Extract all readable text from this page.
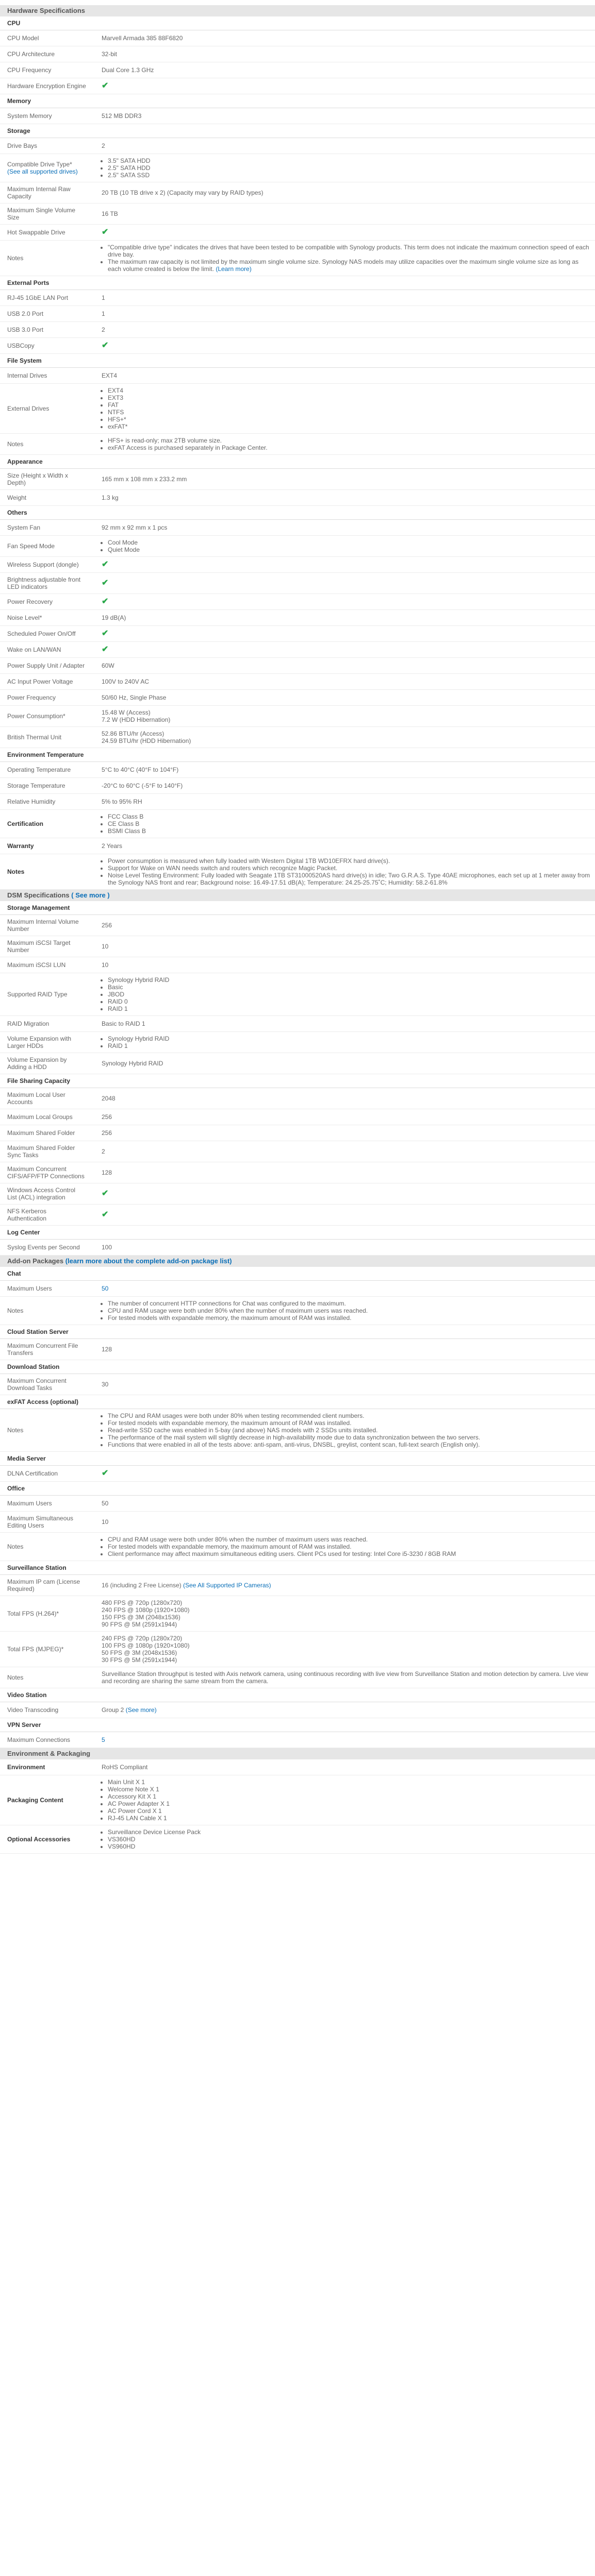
Hardware Specifications
CPU
CPU Model	Marvell Armada 385 88F6820
CPU Architecture	32-bit
CPU Frequency	Dual Core 1.3 GHz
Hardware Encryption Engine ✔
Memory
System Memory	512 MB DDR3
Storage
Drive Bays	2
Compatible Drive Type* (See all supported drives)
• 3.5" SATA HDD
• 2.5" SATA HDD
• 2.5" SATA SSD
Maximum Internal Raw Capacity	20 TB (10 TB drive x 2) (Capacity may vary by RAID types)
Maximum Single Volume Size	16 TB
Hot Swappable Drive	✔
Notes
• "Compatible drive type" indicates the drives that have been tested to be compatible with Synology products. This term does not indicate the maximum connection speed of each drive bay.
• The maximum raw capacity is not limited by the maximum single volume size. Synology NAS models may utilize capacities over the maximum single volume size as long as each volume created is below the limit. (Learn more)
External Ports
RJ-45 1GbE LAN Port	1
USB 2.0 Port	1
USB 3.0 Port	2
USBCopy	✔
File System
Internal Drives	EXT4
External Drives
• EXT4
• EXT3
• FAT
• NTFS
• HFS+*
• exFAT*
Notes	• HFS+ is read-only; max 2TB volume size.
• exFAT Access is purchased separately in Package Center.
Appearance
Size (Height x Width x Depth)	165 mm x 108 mm x 233.2 mm
Weight	1.3 kg
Others
System Fan	92 mm x 92 mm x 1 pcs
Fan Speed Mode	• Cool Mode
• Quiet Mode
Wireless Support (dongle)	✔
Brightness adjustable front LED indicators	✔
Power Recovery	✔
Noise Level*	19 dB(A)
Scheduled Power On/Off	✔
Wake on LAN/WAN	✔
Power Supply Unit / Adapter	60W
AC Input Power Voltage	100V to 240V AC
Power Frequency	50/60 Hz, Single Phase
Power Consumption*	15.48 W (Access)
7.2 W (HDD Hibernation)
British Thermal Unit	52.86 BTU/hr (Access)
24.59 BTU/hr (HDD Hibernation)
Environment Temperature
Operating Temperature	5°C to 40°C (40°F to 104°F)
Storage Temperature	-20°C to 60°C (-5°F to 140°F)
Relative Humidity	5% to 95% RH
Certification
• FCC Class B
• CE Class B
• BSMI Class B
Warranty	2 Years
Notes
• Power consumption is measured when fully loaded with Western Digital 1TB WD10EFRX hard drive(s).
• Support for Wake on WAN needs switch and routers which recognize Magic Packet.
• Noise Level Testing Environment: Fully loaded with Seagate 1TB ST31000520AS hard drive(s) in idle; Two G.R.A.S. Type 40AE microphones, each set up at 1 meter away from the Synology NAS front and rear; Background noise: 16.49-17.51 dB(A); Temperature: 24.25-25.75˚C; Humidity: 58.2-61.8%
DSM Specifications ( See more )
Storage Management
Maximum Internal Volume Number	256
Maximum iSCSI Target Number	10
Maximum iSCSI LUN	10
Supported RAID Type
• Synology Hybrid RAID
• Basic
• JBOD
• RAID 0
• RAID 1
RAID Migration	Basic to RAID 1
Volume Expansion with Larger HDDs
• Synology Hybrid RAID
• RAID 1
Volume Expansion by Adding a HDD	Synology Hybrid RAID
File Sharing Capacity
Maximum Local User Accounts	2048
Maximum Local Groups	256
Maximum Shared Folder	256
Maximum Shared Folder Sync Tasks	2
Maximum Concurrent CIFS/AFP/FTP Connections	128
Windows Access Control List (ACL) integration	✔
NFS Kerberos Authentication	✔
Log Center
Syslog Events per Second	100
Add-on Packages (learn more about the complete add-on package list)
Chat
Maximum Users	50
Notes
• The number of concurrent HTTP connections for Chat was configured to the maximum.
• CPU and RAM usage were both under 80% when the number of maximum users was reached.
• For tested models with expandable memory, the maximum amount of RAM was installed.
Cloud Station Server
Maximum Concurrent File Transfers	128
Download Station
Maximum Concurrent Download Tasks	30
exFAT Access (optional)
Notes
• The CPU and RAM usages were both under 80% when testing recommended client numbers.
• For tested models with expandable memory, the maximum amount of RAM was installed.
• Read-write SSD cache was enabled in 5-bay (and above) NAS models with 2 SSDs units installed.
• The performance of the mail system will slightly decrease in high-availability mode due to data synchronization between the two servers.
• Functions that were enabled in all of the tests above: anti-spam, anti-virus, DNSBL, greylist, content scan, full-text search (English only).
Media Server
DLNA Certification	✔
Office
Maximum Users	50
Maximum Simultaneous Editing Users	10
Notes
• CPU and RAM usage were both under 80% when the number of maximum users was reached.
• For tested models with expandable memory, the maximum amount of RAM was installed.
• Client performance may affect maximum simultaneous editing users. Client PCs used for testing: Intel Core i5-3230 / 8GB RAM
Surveillance Station
Maximum IP cam (License Required)	16 (including 2 Free License) (See All Supported IP Cameras)
Total FPS (H.264)*
480 FPS @ 720p (1280x720)
240 FPS @ 1080p (1920×1080)
150 FPS @ 3M (2048x1536)
90 FPS @ 5M (2591x1944)
Total FPS (MJPEG)*
240 FPS @ 720p (1280x720)
100 FPS @ 1080p (1920×1080)
50 FPS @ 3M (2048x1536)
30 FPS @ 5M (2591x1944)
Notes	Surveillance Station throughput is tested with Axis network camera, using continuous recording with live view from Surveillance Station and motion detection by camera. Live view and recording are sharing the same stream from the camera.
Video Station
Video Transcoding	Group 2 (See more)
VPN Server
Maximum Connections	5
Environment & Packaging
Environment	RoHS Compliant
Packaging Content
• Main Unit X 1
• Welcome Note X 1
• Accessory Kit X 1
• AC Power Adapter X 1
• AC Power Cord X 1
• RJ-45 LAN Cable X 1
Optional Accessories
• Surveillance Device License Pack
• VS360HD
• VS960HD
